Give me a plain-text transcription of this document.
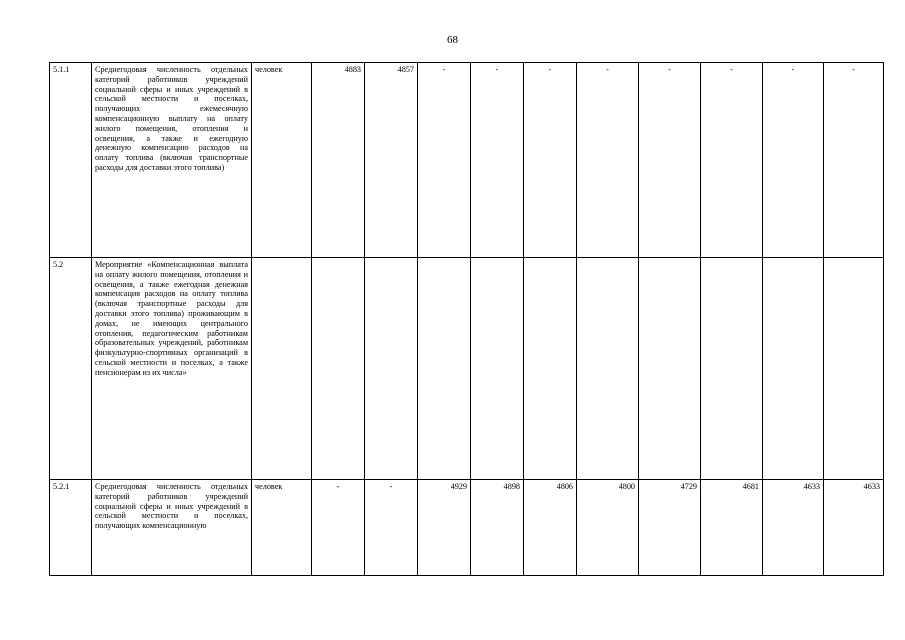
68
5.1.1	Среднегодовая численность отдельных категорий работников учреждений социальной сферы и иных учреждений в сельской местности и поселках, получающих ежемесячную компенсационную выплату на оплату жилого помещения, отопления и освещения, а также и ежегодную денежную компенсацию расходов на оплату топлива (включая транспортные расходы для доставки этого топлива)	человек	4883	4857	-	-	-	-	-	-	-	-
5.2	Мероприятие «Компенсационная выплата на оплату жилого помещения, отопления и освещения, а также ежегодная денежная компенсация расходов на оплату топлива (включая транспортные расходы для доставки этого топлива) проживающим в домах, не имеющих центрального отопления, педагогическим работникам образовательных учреждений, работникам физкультурно-спортивных организаций в сельской местности и поселках, а также пенсионерам из их числа»											
5.2.1	Среднегодовая численность отдельных категорий работников учреждений социальной сферы и иных учреждений в сельской местности и поселках, получающих компенсационную	человек	-	-	4929	4898	4806	4800	4729	4681	4633	4633
